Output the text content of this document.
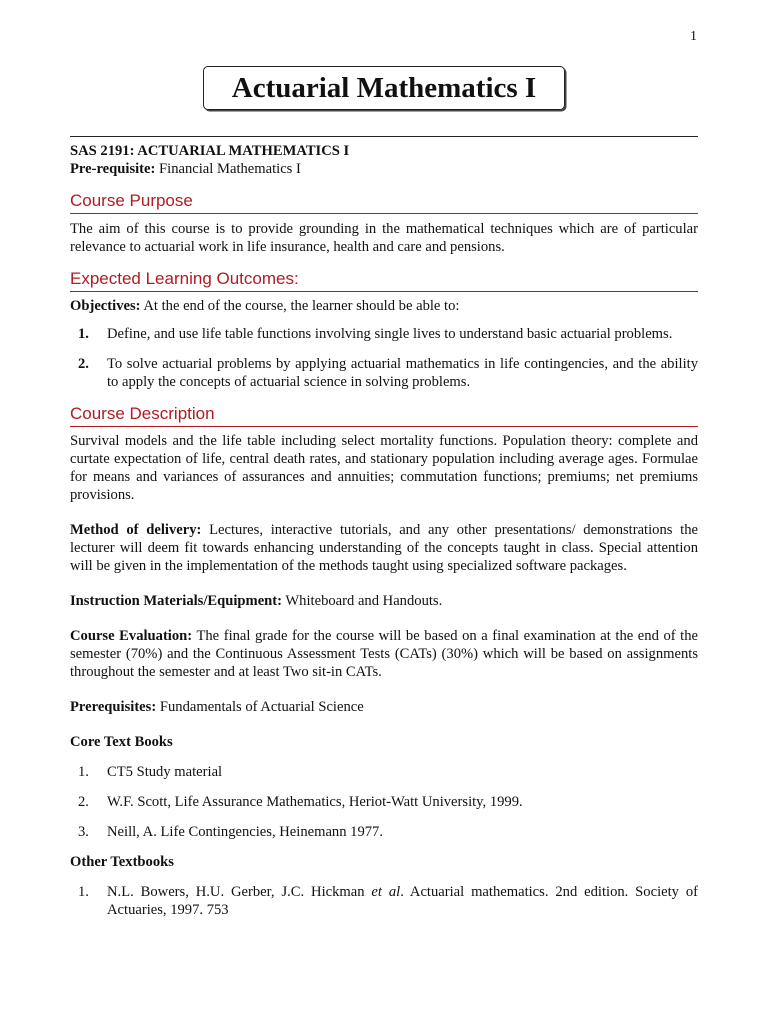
1
Actuarial Mathematics I
SAS 2191: ACTUARIAL MATHEMATICS I
Pre-requisite: Financial Mathematics I
Course Purpose

The aim of this course is to provide grounding in the mathematical techniques which are of particular relevance to actuarial work in life insurance, health and care and pensions.

Expected Learning Outcomes:
Objectives: At the end of the course, the learner should be able to:
1. Define, and use life table functions involving single lives to understand basic actuarial problems.
2. To solve actuarial problems by applying actuarial mathematics in life contingencies, and the ability to apply the concepts of actuarial science in solving problems.
Course Description

Survival models and the life table including select mortality functions. Population theory: complete and curtate expectation of life, central death rates, and stationary population including average ages. Formulae for means and variances of assurances and annuities; commutation functions; premiums; net premiums provisions.

Method of delivery: Lectures, interactive tutorials, and any other presentations/ demonstrations the lecturer will deem fit towards enhancing understanding of the concepts taught in class. Special attention will be given in the implementation of the methods taught using specialized software packages.

Instruction Materials/Equipment: Whiteboard and Handouts.

Course Evaluation: The final grade for the course will be based on a final examination at the end of the semester (70%) and the Continuous Assessment Tests (CATs) (30%) which will be based on assignments throughout the semester and at least Two sit-in CATs.

Prerequisites: Fundamentals of Actuarial Science

Core Text Books
1. CT5 Study material
2. W.F. Scott, Life Assurance Mathematics, Heriot-Watt University, 1999.
3. Neill, A. Life Contingencies, Heinemann 1977.
Other Textbooks
1. N.L. Bowers, H.U. Gerber, J.C. Hickman et al. Actuarial mathematics. 2nd edition. Society of Actuaries, 1997. 753
